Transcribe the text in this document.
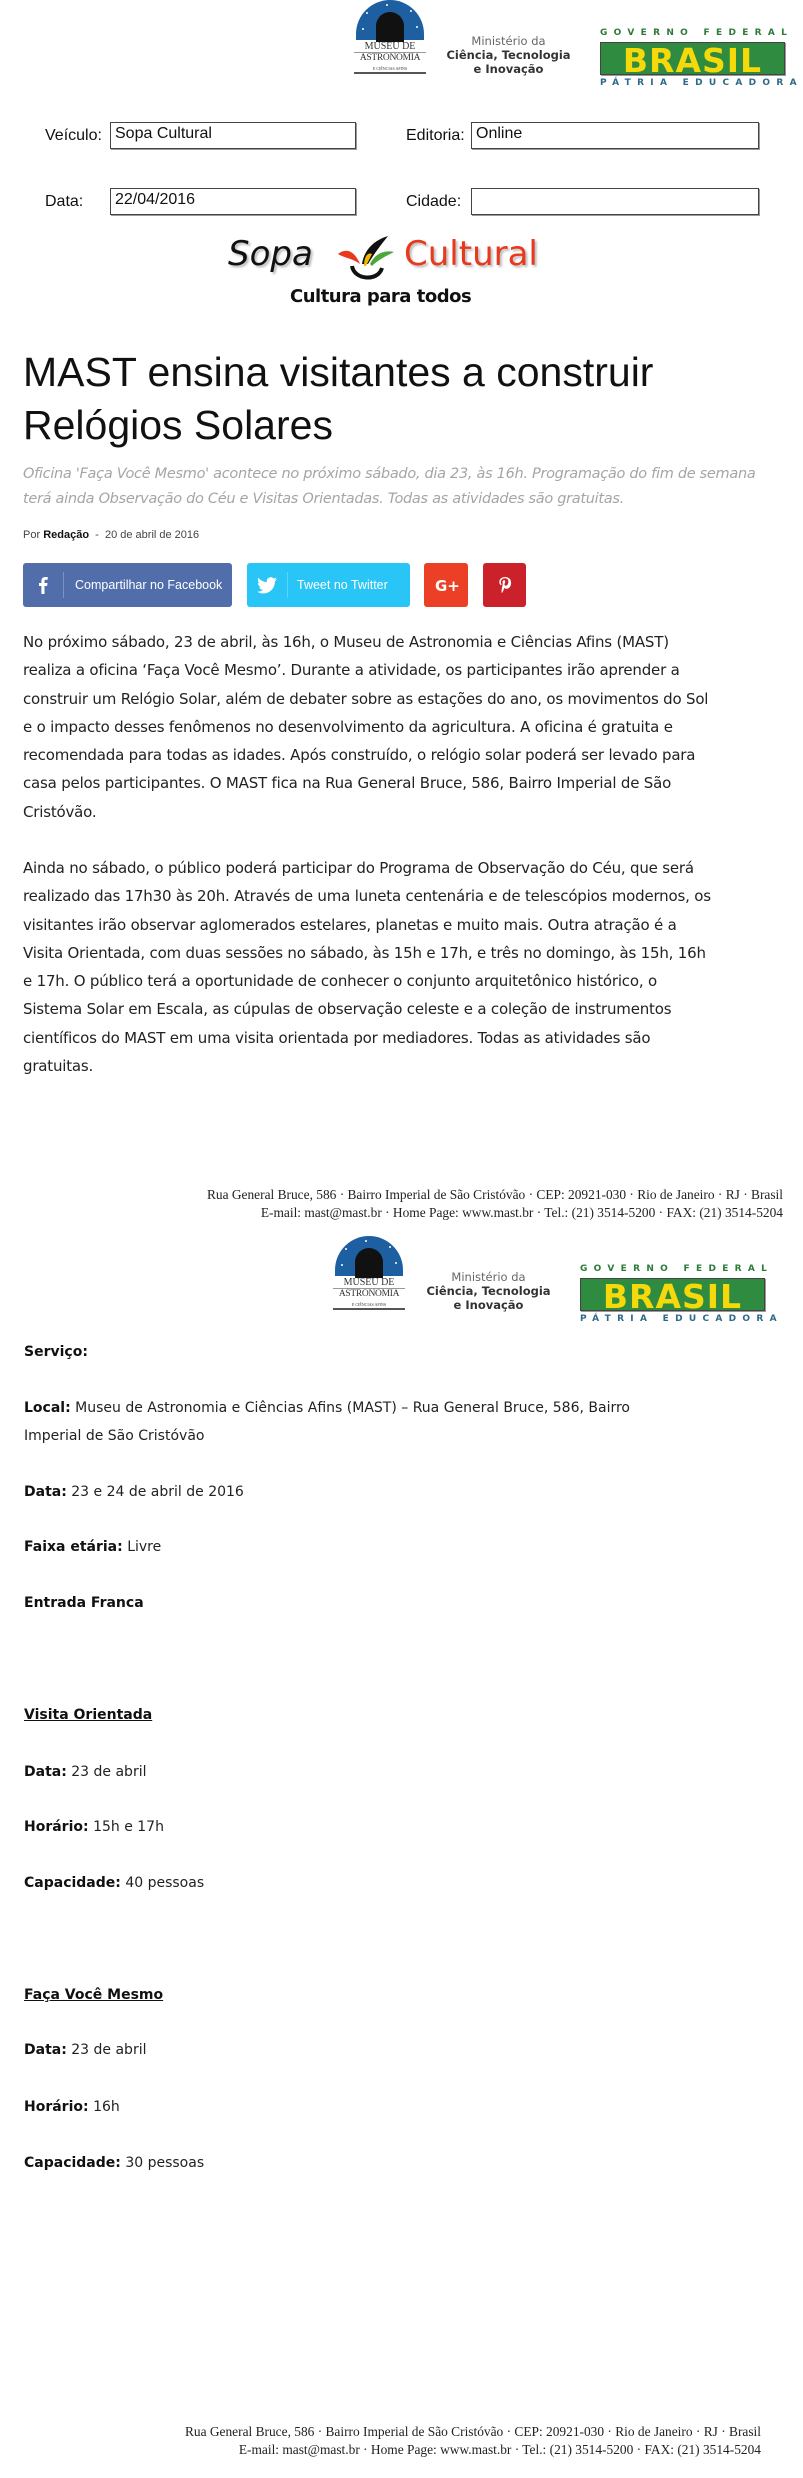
MUSEU DE
ASTRONOMIA
E CIÊNCIAS AFINS
Ministério da
Ciência, Tecnologia
e Inovação
GOVERNO FEDERAL
BRASIL
PÁTRIA EDUCADORA
Veículo: Sopa Cultural	Editoria: Online
Data:	22/04/2016	Cidade:
Sopa	Cultural
Cultura para todos
MAST ensina visitantes a construir Relógios Solares

Oficina 'Faça Você Mesmo' acontece no próximo sábado, dia 23, às 16h. Programação do fim de semana terá ainda Observação do Céu e Visitas Orientadas. Todas as atividades são gratuitas.

Por Redação - 20 de abril de 2016
Compartilhar no Facebook	Tweet no Twitter	G+
No próximo sábado, 23 de abril, às 16h, o Museu de Astronomia e Ciências Afins (MAST)
realiza a oficina ‘Faça Você Mesmo’. Durante a atividade, os participantes irão aprender a
construir um Relógio Solar, além de debater sobre as estações do ano, os movimentos do Sol
e o impacto desses fenômenos no desenvolvimento da agricultura. A oficina é gratuita e
recomendada para todas as idades. Após construído, o relógio solar poderá ser levado para
casa pelos participantes. O MAST fica na Rua General Bruce, 586, Bairro Imperial de São
Cristóvão.
Ainda no sábado, o público poderá participar do Programa de Observação do Céu, que será
realizado das 17h30 às 20h. Através de uma luneta centenária e de telescópios modernos, os
visitantes irão observar aglomerados estelares, planetas e muito mais. Outra atração é a
Visita Orientada, com duas sessões no sábado, às 15h e 17h, e três no domingo, às 15h, 16h
e 17h. O público terá a oportunidade de conhecer o conjunto arquitetônico histórico, o
Sistema Solar em Escala, as cúpulas de observação celeste e a coleção de instrumentos
científicos do MAST em uma visita orientada por mediadores. Todas as atividades são
gratuitas.
Rua General Bruce, 586 · Bairro Imperial de São Cristóvão · CEP: 20921-030 · Rio de Janeiro · RJ · Brasil
E-mail: mast@mast.br · Home Page: www.mast.br · Tel.: (21) 3514-5200 · FAX: (21) 3514-5204
MUSEU DE
ASTRONOMIA
E CIÊNCIAS AFINS
Ministério da
Ciência, Tecnologia
e Inovação
GOVERNO FEDERAL
BRASIL
PÁTRIA EDUCADORA
Serviço:
Local: Museu de Astronomia e Ciências Afins (MAST) – Rua General Bruce, 586, Bairro
Imperial de São Cristóvão
Data: 23 e 24 de abril de 2016
Faixa etária: Livre
Entrada Franca
Visita Orientada
Data: 23 de abril
Horário: 15h e 17h
Capacidade: 40 pessoas
Faça Você Mesmo
Data: 23 de abril
Horário: 16h
Capacidade: 30 pessoas
Rua General Bruce, 586 · Bairro Imperial de São Cristóvão · CEP: 20921-030 · Rio de Janeiro · RJ · Brasil
E-mail: mast@mast.br · Home Page: www.mast.br · Tel.: (21) 3514-5200 · FAX: (21) 3514-5204
